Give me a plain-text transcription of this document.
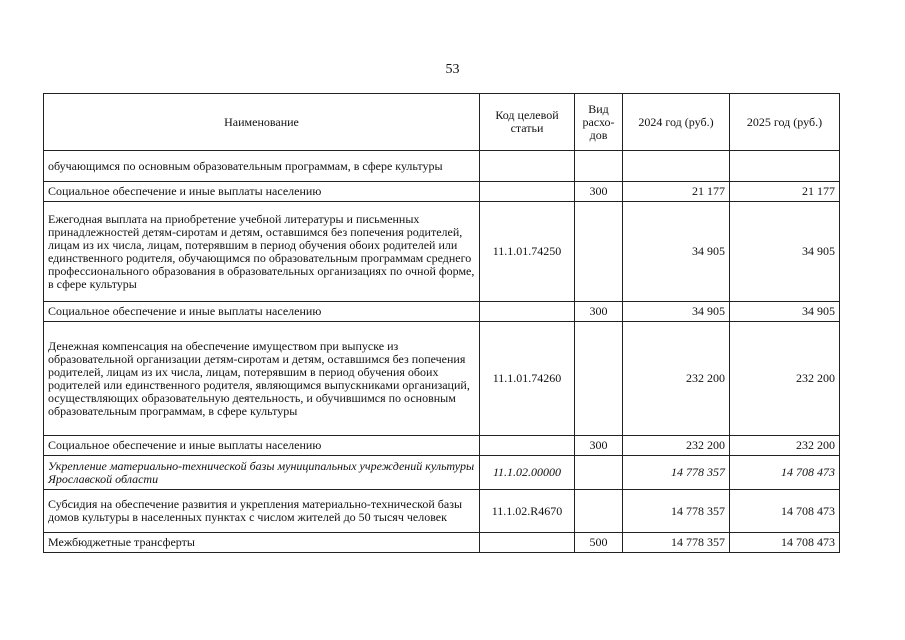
53
Наименование	Код целевой статьи	Вид расхо-дов	2024 год (руб.)	2025 год (руб.)
обучающимся по основным образовательным программам, в сфере культуры				
Социальное обеспечение и иные выплаты населению		300	21 177	21 177
Ежегодная выплата на приобретение учебной литературы и письменных принадлежностей детям-сиротам и детям, оставшимся без попечения родителей, лицам из их числа, лицам, потерявшим в период обучения обоих родителей или единственного родителя, обучающимся по образовательным программам среднего профессионального образования в образовательных организациях по очной форме, в сфере культуры	11.1.01.74250		34 905	34 905
Социальное обеспечение и иные выплаты населению		300	34 905	34 905
Денежная компенсация на обеспечение имуществом при выпуске из образовательной организации детям-сиротам и детям, оставшимся без попечения родителей, лицам из их числа, лицам, потерявшим в период обучения обоих родителей или единственного родителя, являющимся выпускниками организаций, осуществляющих образовательную деятельность, и обучившимся по основным образовательным программам, в сфере культуры	11.1.01.74260		232 200	232 200
Социальное обеспечение и иные выплаты населению		300	232 200	232 200
Укрепление материально-технической базы муниципальных учреждений культуры Ярославской области	11.1.02.00000		14 778 357	14 708 473
Субсидия на обеспечение развития и укрепления материально-технической базы домов культуры в населенных пунктах с числом жителей до 50 тысяч человек	11.1.02.R4670		14 778 357	14 708 473
Межбюджетные трансферты		500	14 778 357	14 708 473
